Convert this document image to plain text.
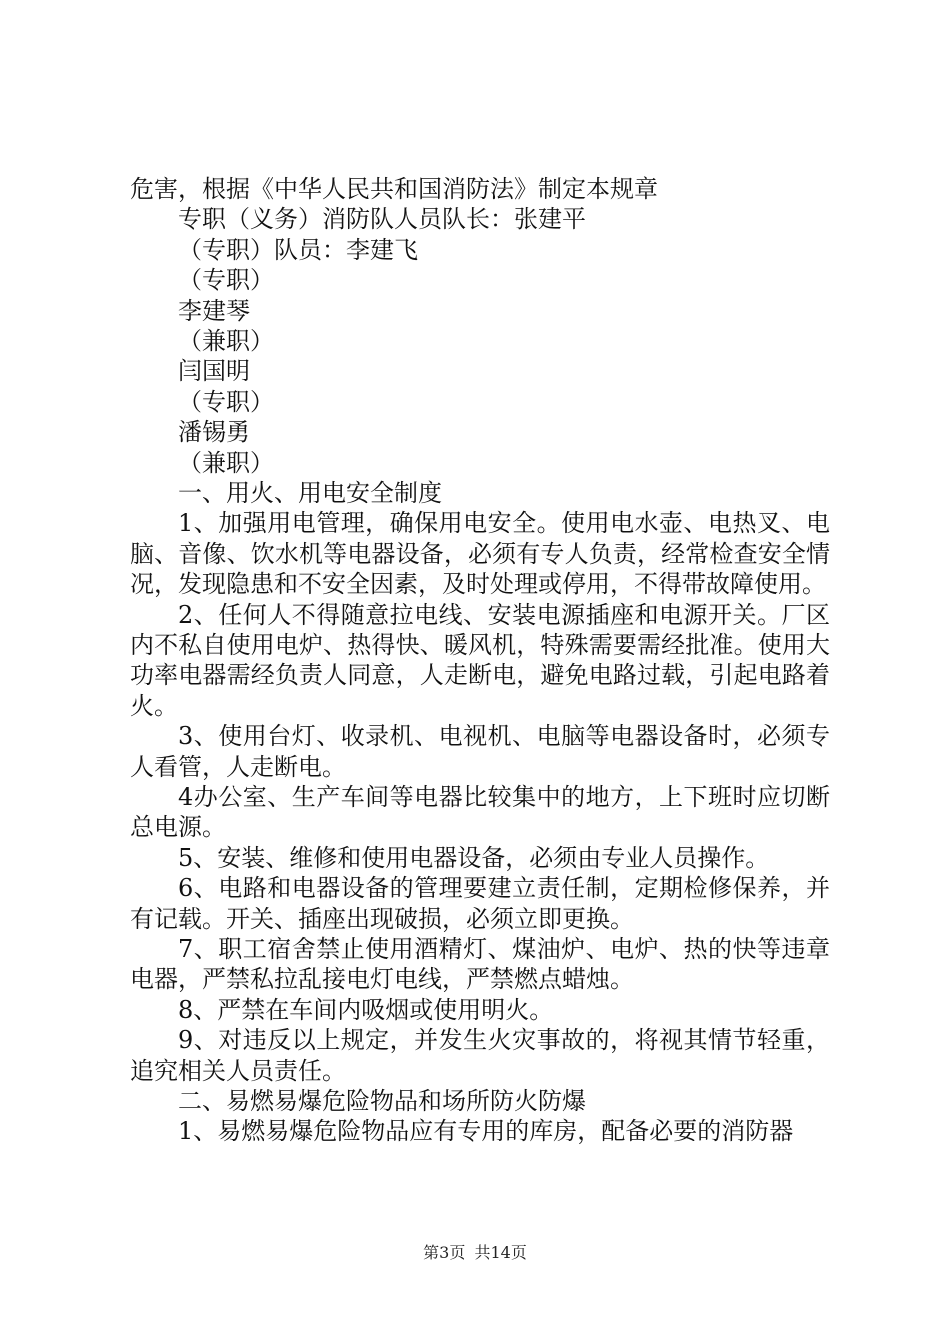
危害，根据《中华人民共和国消防法》制定本规章
专职（义务）消防队人员队长：张建平
（专职）队员：李建飞
（专职）
李建琴
（兼职）
闫国明
（专职）
潘锡勇
（兼职）
一、用火、用电安全制度

1、加强用电管理，确保用电安全。使用电水壶、电热叉、电脑、音像、饮水机等电器设备，必须有专人负责，经常检查安全情况，发现隐患和不安全因素，及时处理或停用，不得带故障使用。

2、任何人不得随意拉电线、安装电源插座和电源开关。厂区内不私自使用电炉、热得快、暖风机，特殊需要需经批准。使用大功率电器需经负责人同意，人走断电，避免电路过载，引起电路着火。

3、使用台灯、收录机、电视机、电脑等电器设备时，必须专人看管，人走断电。

4办公室、生产车间等电器比较集中的地方，上下班时应切断总电源。

5、安装、维修和使用电器设备，必须由专业人员操作。

6、电路和电器设备的管理要建立责任制，定期检修保养，并有记载。开关、插座出现破损，必须立即更换。

7、职工宿舍禁止使用酒精灯、煤油炉、电炉、热的快等违章电器，严禁私拉乱接电灯电线，严禁燃点蜡烛。

8、严禁在车间内吸烟或使用明火。

9、对违反以上规定，并发生火灾事故的，将视其情节轻重，追究相关人员责任。

二、易燃易爆危险物品和场所防火防爆
1、易燃易爆危险物品应有专用的库房，配备必要的消防器
第3页 共14页
